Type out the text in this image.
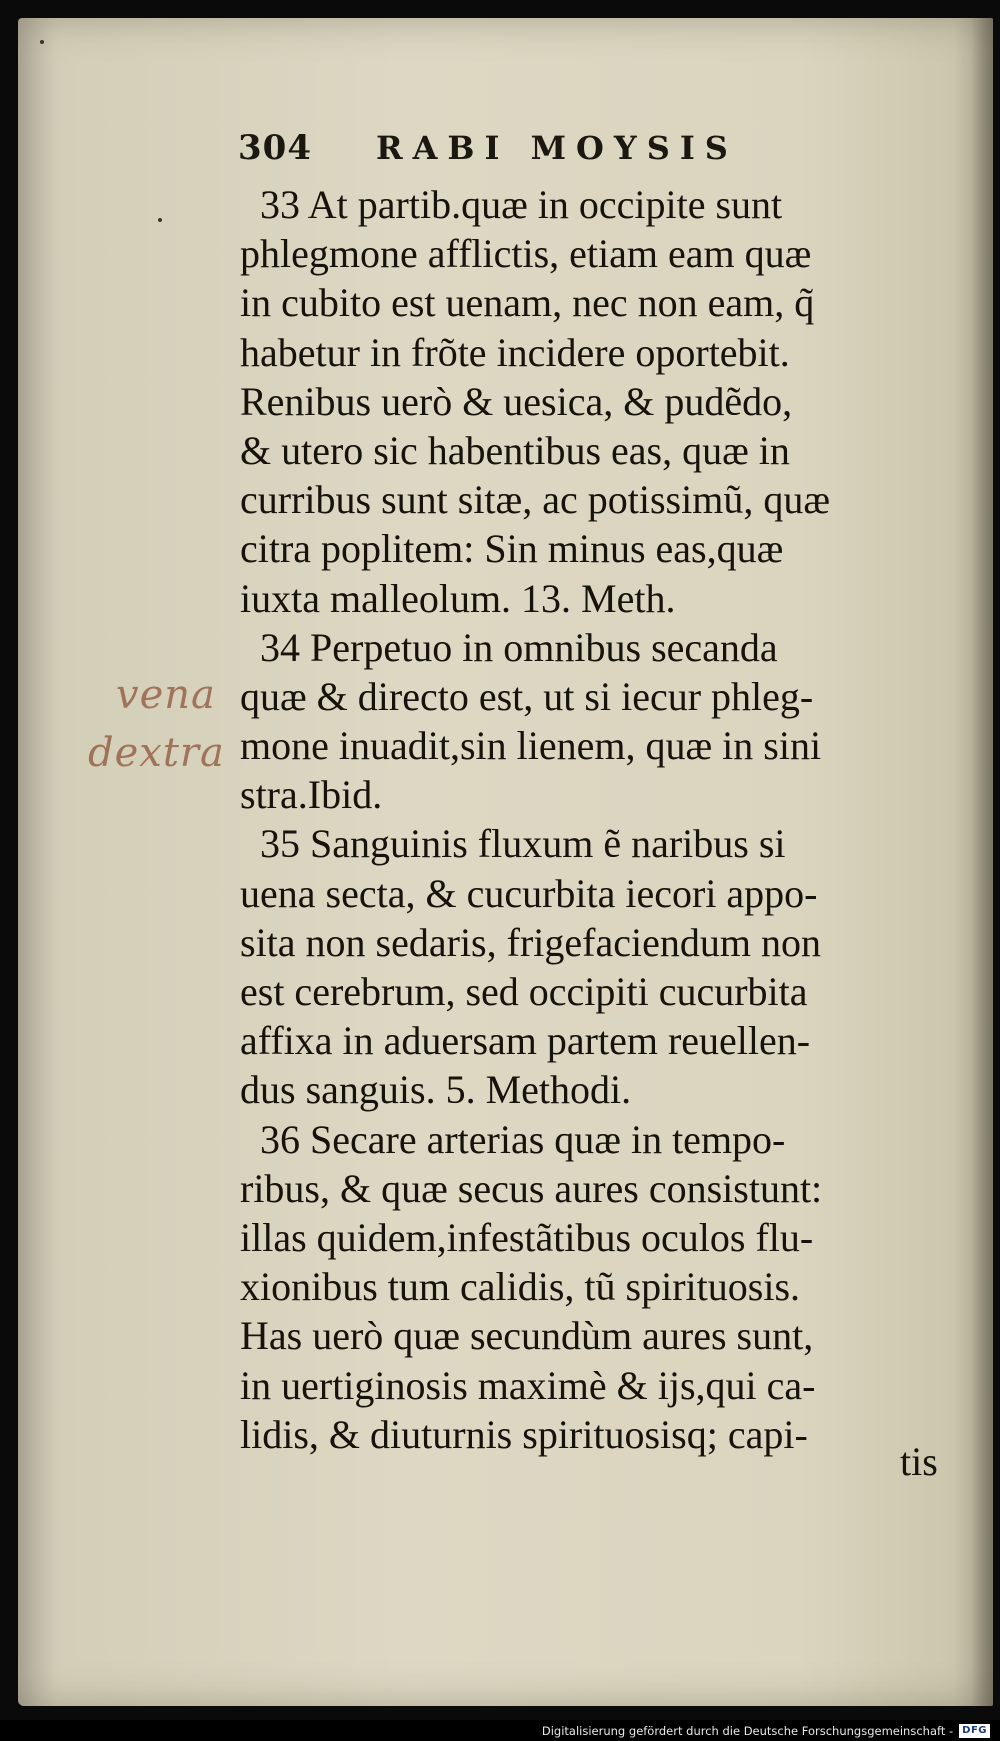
304 RABI MOYSIS
33 At partib.quæ in occipite sunt
phlegmone afflictis, etiam eam quæ
in cubito est uenam, nec non eam, q̃
habetur in frõte incidere oportebit.
Renibus uerò & uesica, & pudẽdo,
& utero sic habentibus eas, quæ in
curribus sunt sitæ, ac potissimũ, quæ
citra poplitem: Sin minus eas,quæ
iuxta malleolum. 13. Meth.
34 Perpetuo in omnibus secanda
quæ & directo est, ut si iecur phleg-
mone inuadit,sin lienem, quæ in sini
stra.Ibid.
35 Sanguinis fluxum ẽ naribus si
uena secta, & cucurbita iecori appo-
sita non sedaris, frigefaciendum non
est cerebrum, sed occipiti cucurbita
affixa in aduersam partem reuellen-
dus sanguis. 5. Methodi.
36 Secare arterias quæ in tempo-
ribus, & quæ secus aures consistunt:
illas quidem,infestãtibus oculos flu-
xionibus tum calidis, tũ spirituosis.
Has uerò quæ secundùm aures sunt,
in uertiginosis maximè & ijs,qui ca-
lidis, & diuturnis spirituosisq; capi-
tis
vena
dextra
Digitalisierung gefördert durch die Deutsche Forschungsgemeinschaft - DFG
